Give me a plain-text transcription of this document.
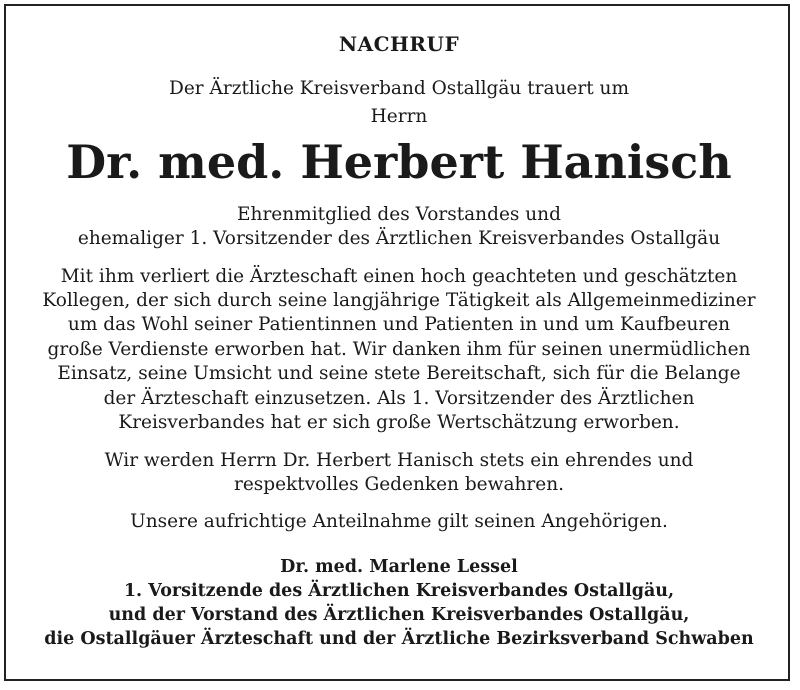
NACHRUF
Der Ärztliche Kreisverband Ostallgäu trauert um
Herrn
Dr. med. Herbert Hanisch
Ehrenmitglied des Vorstandes und
ehemaliger 1. Vorsitzender des Ärztlichen Kreisverbandes Ostallgäu
Mit ihm verliert die Ärzteschaft einen hoch geachteten und geschätzten
Kollegen, der sich durch seine langjährige Tätigkeit als Allgemeinmediziner
um das Wohl seiner Patientinnen und Patienten in und um Kaufbeuren
große Verdienste erworben hat. Wir danken ihm für seinen unermüdlichen
Einsatz, seine Umsicht und seine stete Bereitschaft, sich für die Belange
der Ärzteschaft einzusetzen. Als 1. Vorsitzender des Ärztlichen
Kreisverbandes hat er sich große Wertschätzung erworben.
Wir werden Herrn Dr. Herbert Hanisch stets ein ehrendes und
respektvolles Gedenken bewahren.
Unsere aufrichtige Anteilnahme gilt seinen Angehörigen.
Dr. med. Marlene Lessel
1. Vorsitzende des Ärztlichen Kreisverbandes Ostallgäu,
und der Vorstand des Ärztlichen Kreisverbandes Ostallgäu,
die Ostallgäuer Ärzteschaft und der Ärztliche Bezirksverband Schwaben
